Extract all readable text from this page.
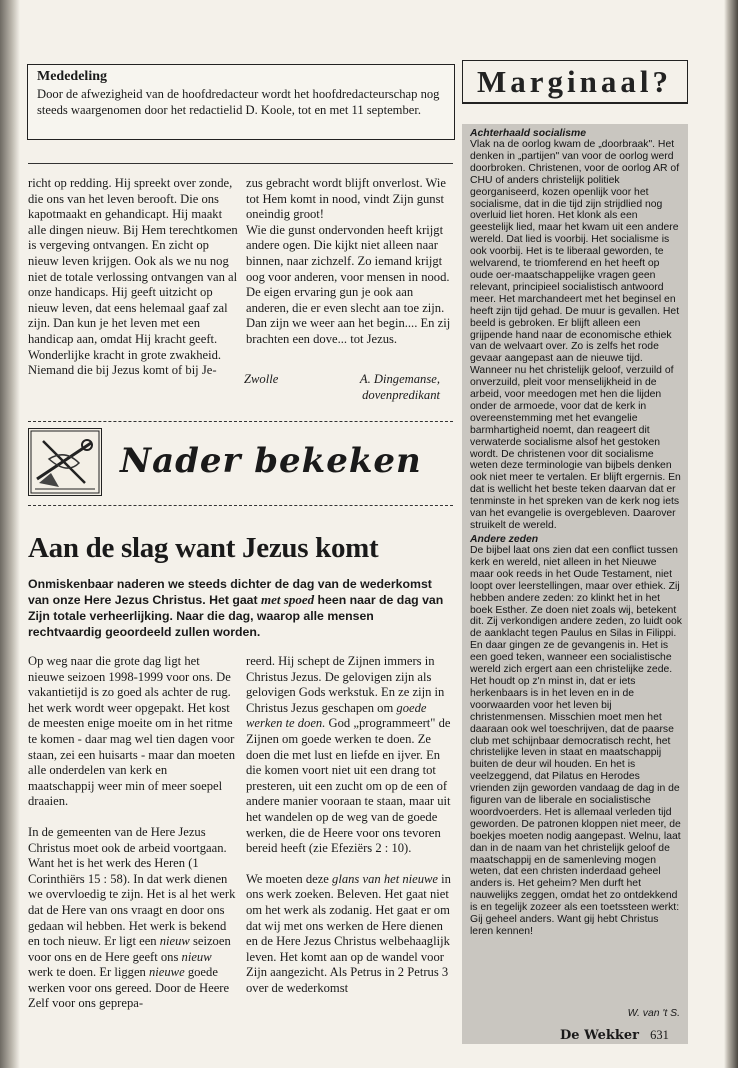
Mededeling
Door de afwezigheid van de hoofdredacteur wordt het hoofdredacteurschap nog steeds waargenomen door het redactielid D. Koole, tot en met 11 september.

richt op redding. Hij spreekt over zonde, die ons van het leven berooft. Die ons kapotmaakt en gehandicapt. Hij maakt alle dingen nieuw. Bij Hem terechtkomen is vergeving ontvangen. En zicht op nieuw leven krijgen. Ook als we nu nog niet de totale verlossing ontvangen van al onze handicaps. Hij geeft uitzicht op nieuw leven, dat eens helemaal gaaf zal zijn. Dan kun je het leven met een handicap aan, omdat Hij kracht geeft. Wonderlijke kracht in grote zwakheid.

Niemand die bij Jezus komt of bij Je-

zus gebracht wordt blijft onverlost. Wie tot Hem komt in nood, vindt Zijn gunst oneindig groot!

Wie die gunst ondervonden heeft krijgt andere ogen. Die kijkt niet alleen naar binnen, naar zichzelf. Zo iemand krijgt oog voor anderen, voor mensen in nood. De eigen ervaring gun je ook aan anderen, die er even slecht aan toe zijn. Dan zijn we weer aan het begin.... En zij brachten een dove... tot Jezus.

Zwolle	A. Dingemanse,
dovenpredikant
Nader bekeken
Aan de slag want Jezus komt
Onmiskenbaar naderen we steeds dichter de dag van de wederkomst van onze Here Jezus Christus. Het gaat met spoed heen naar de dag van Zijn totale verheerlijking. Naar die dag, waarop alle mensen rechtvaardig geoordeeld zullen worden.

Op weg naar die grote dag ligt het nieuwe seizoen 1998-1999 voor ons. De vakantietijd is zo goed als achter de rug. het werk wordt weer opgepakt. Het kost de meesten enige moeite om in het ritme te komen - daar mag wel tien dagen voor staan, zei een huisarts - maar dan moeten alle onderdelen van kerk en maatschappij weer min of meer soepel draaien.

In de gemeenten van de Here Jezus Christus moet ook de arbeid voortgaan. Want het is het werk des Heren (1 Corinthiërs 15 : 58). In dat werk dienen we overvloedig te zijn. Het is al het werk dat de Here van ons vraagt en door ons gedaan wil hebben. Het werk is bekend en toch nieuw. Er ligt een nieuw seizoen voor ons en de Here geeft ons nieuw werk te doen. Er liggen nieuwe goede werken voor ons gereed. Door de Heere Zelf voor ons geprepa-

reerd. Hij schept de Zijnen immers in Christus Jezus. De gelovigen zijn als gelovigen Gods werkstuk. En ze zijn in Christus Jezus geschapen om goede werken te doen. God „programmeert" de Zijnen om goede werken te doen. Ze doen die met lust en liefde en ijver. En die komen voort niet uit een drang tot presteren, uit een zucht om op de een of andere manier vooraan te staan, maar uit het wandelen op de weg van de goede werken, die de Heere voor ons tevoren bereid heeft (zie Efeziërs 2 : 10).

We moeten deze glans van het nieuwe in ons werk zoeken. Beleven. Het gaat niet om het werk als zodanig. Het gaat er om dat wij met ons werken de Here dienen en de Here Jezus Christus welbehaaglijk leven. Het komt aan op de wandel voor Zijn aangezicht. Als Petrus in 2 Petrus 3 over de wederkomst

Marginaal?
Achterhaald socialisme
Vlak na de oorlog kwam de „doorbraak". Het denken in „partijen" van voor de oorlog werd doorbroken. Christenen, voor de oorlog AR of CHU of anders christelijk politiek georganiseerd, kozen openlijk voor het socialisme, dat in die tijd zijn strijdlied nog overluid liet horen. Het klonk als een geestelijk lied, maar het kwam uit een andere wereld. Dat lied is voorbij. Het socialisme is ook voorbij. Het is te liberaal geworden, te welvarend, te triomferend en het heeft op oude oer-maatschappelijke vragen geen relevant, principieel socialistisch antwoord meer. Het marchandeert met het beginsel en heeft zijn tijd gehad. De muur is gevallen. Het beeld is gebroken. Er blijft alleen een grijpende hand naar de economische ethiek van de welvaart over. Zo is zelfs het rode gevaar aangepast aan de nieuwe tijd. Wanneer nu het christelijk geloof, verzuild of onverzuild, pleit voor menselijkheid in de arbeid, voor meedogen met hen die lijden onder de armoede, voor dat de kerk in overeenstemming met het evangelie barmhartigheid noemt, dan reageert dit verwaterde socialisme alsof het gestoken wordt. De christenen voor dit socialisme weten deze terminologie van bijbels denken ook niet meer te vertalen. Er blijft ergernis. En dat is wellicht het beste teken daarvan dat er tenminste in het spreken van de kerk nog iets van het evangelie is overgebleven. Daarover struikelt de wereld.
Andere zeden
De bijbel laat ons zien dat een conflict tussen kerk en wereld, niet alleen in het Nieuwe maar ook reeds in het Oude Testament, niet loopt over leerstellingen, maar over ethiek. Zij hebben andere zeden: zo klinkt het in het boek Esther. Ze doen niet zoals wij, betekent dit. Zij verkondigen andere zeden, zo luidt ook de aanklacht tegen Paulus en Silas in Filippi. En daar gingen ze de gevangenis in. Het is een goed teken, wanneer een socialistische wereld zich ergert aan een christelijke zede. Het houdt op z'n minst in, dat er iets herkenbaars is in het leven en in de voorwaarden voor het leven bij christenmensen. Misschien moet men het daaraan ook wel toeschrijven, dat de paarse club met schijnbaar democratisch recht, het christelijke leven in staat en maatschappij buiten de deur wil houden. En het is veelzeggend, dat Pilatus en Herodes vrienden zijn geworden vandaag de dag in de figuren van de liberale en socialistische woordvoerders. Het is allemaal verleden tijd geworden. De patronen kloppen niet meer, de boekjes moeten nodig aangepast. Welnu, laat dan in de naam van het christelijk geloof de maatschappij en de samenleving mogen weten, dat een christen inderdaad geheel anders is. Het geheim? Men durft het nauwelijks zeggen, omdat het zo ontdekkend is en tegelijk zozeer als een toetssteen werkt: Gij geheel anders. Want gij hebt Christus leren kennen!
W. van 't S.
De Wekker 631
